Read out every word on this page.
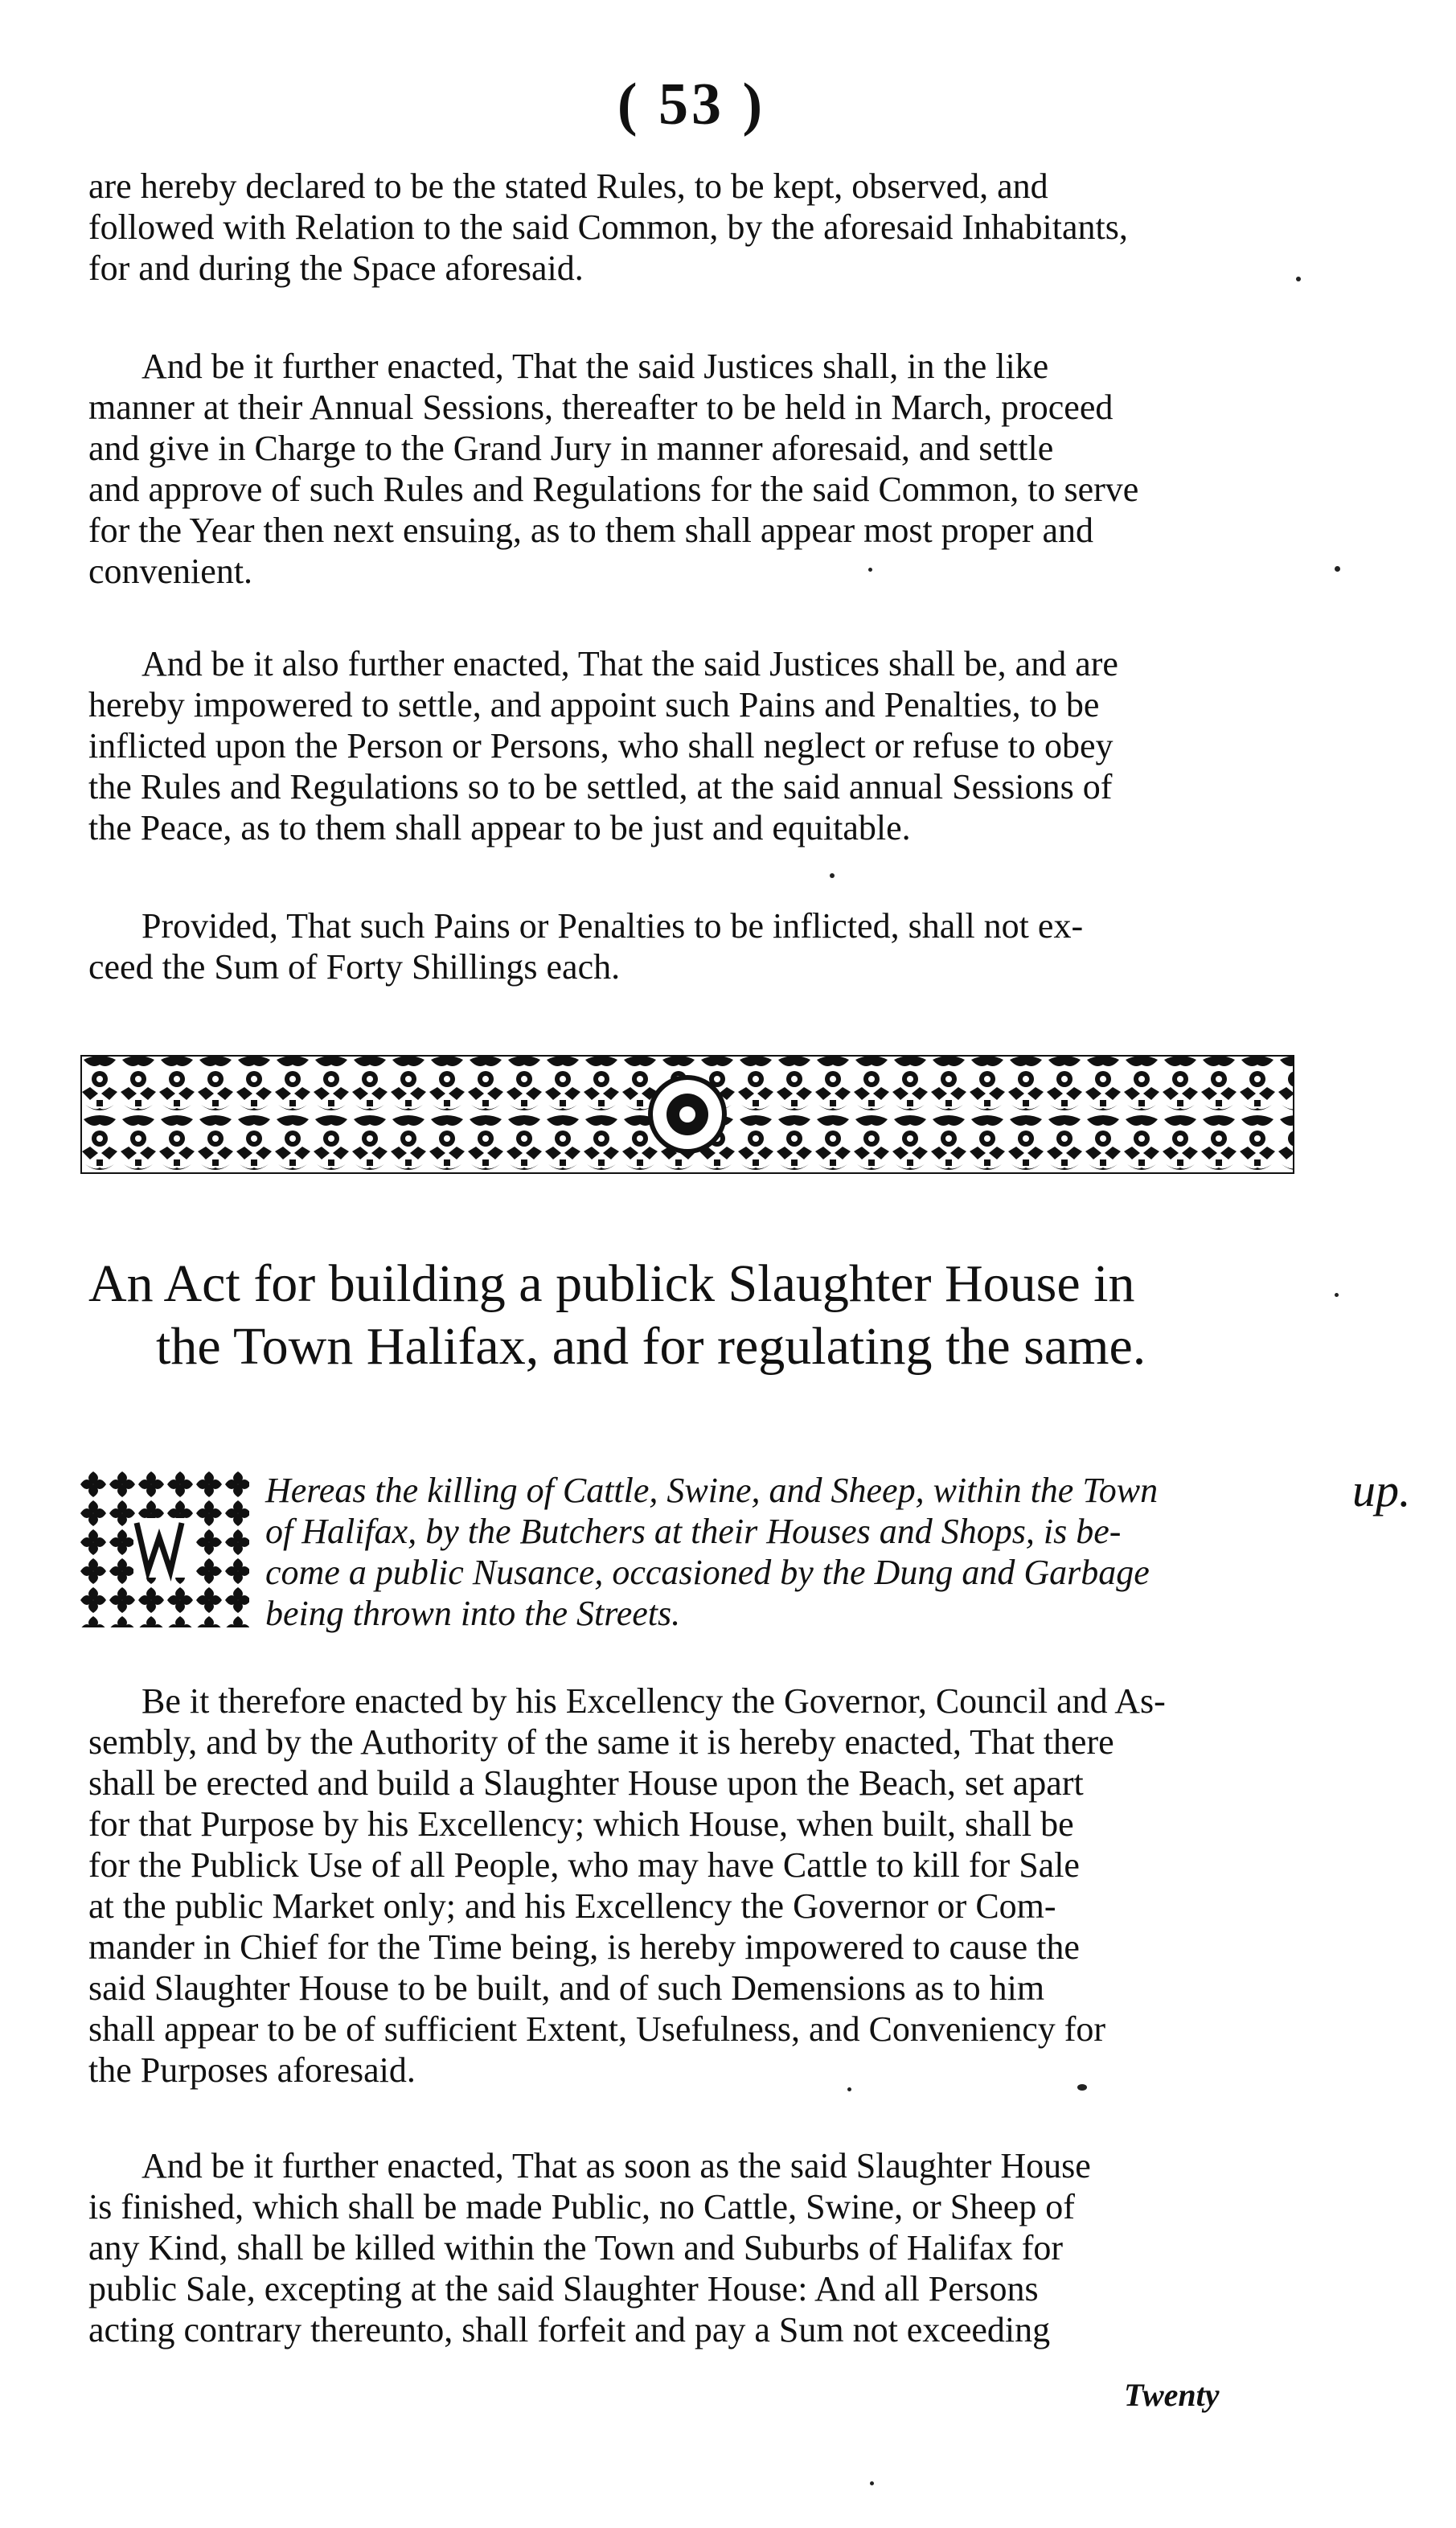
( 53 )
are hereby declared to be the stated Rules, to be kept, observed, and
followed with Relation to the said Common, by the aforesaid Inhabitants,
for and during the Space aforesaid.
And be it further enacted, That the said Justices shall, in the like
manner at their Annual Sessions, thereafter to be held in March, proceed
and give in Charge to the Grand Jury in manner aforesaid, and settle
and approve of such Rules and Regulations for the said Common, to serve
for the Year then next ensuing, as to them shall appear most proper and
convenient.
And be it also further enacted, That the said Justices shall be, and are
hereby impowered to settle, and appoint such Pains and Penalties, to be
inflicted upon the Person or Persons, who shall neglect or refuse to obey
the Rules and Regulations so to be settled, at the said annual Sessions of
the Peace, as to them shall appear to be just and equitable.
Provided, That such Pains or Penalties to be inflicted, shall not ex-
ceed the Sum of Forty Shillings each.
An Act for building a publick Slaughter House in
the Town Halifax, and for regulating the same.
Hereas the killing of Cattle, Swine, and Sheep, within the Town
of Halifax, by the Butchers at their Houses and Shops, is be-
come a public Nusance, occasioned by the Dung and Garbage
being thrown into the Streets.
up.
Be it therefore enacted by his Excellency the Governor, Council and As-
sembly, and by the Authority of the same it is hereby enacted, That there
shall be erected and build a Slaughter House upon the Beach, set apart
for that Purpose by his Excellency; which House, when built, shall be
for the Publick Use of all People, who may have Cattle to kill for Sale
at the public Market only; and his Excellency the Governor or Com-
mander in Chief for the Time being, is hereby impowered to cause the
said Slaughter House to be built, and of such Demensions as to him
shall appear to be of sufficient Extent, Usefulness, and Conveniency for
the Purposes aforesaid.
And be it further enacted, That as soon as the said Slaughter House
is finished, which shall be made Public, no Cattle, Swine, or Sheep of
any Kind, shall be killed within the Town and Suburbs of Halifax for
public Sale, excepting at the said Slaughter House: And all Persons
acting contrary thereunto, shall forfeit and pay a Sum not exceeding
Twenty
